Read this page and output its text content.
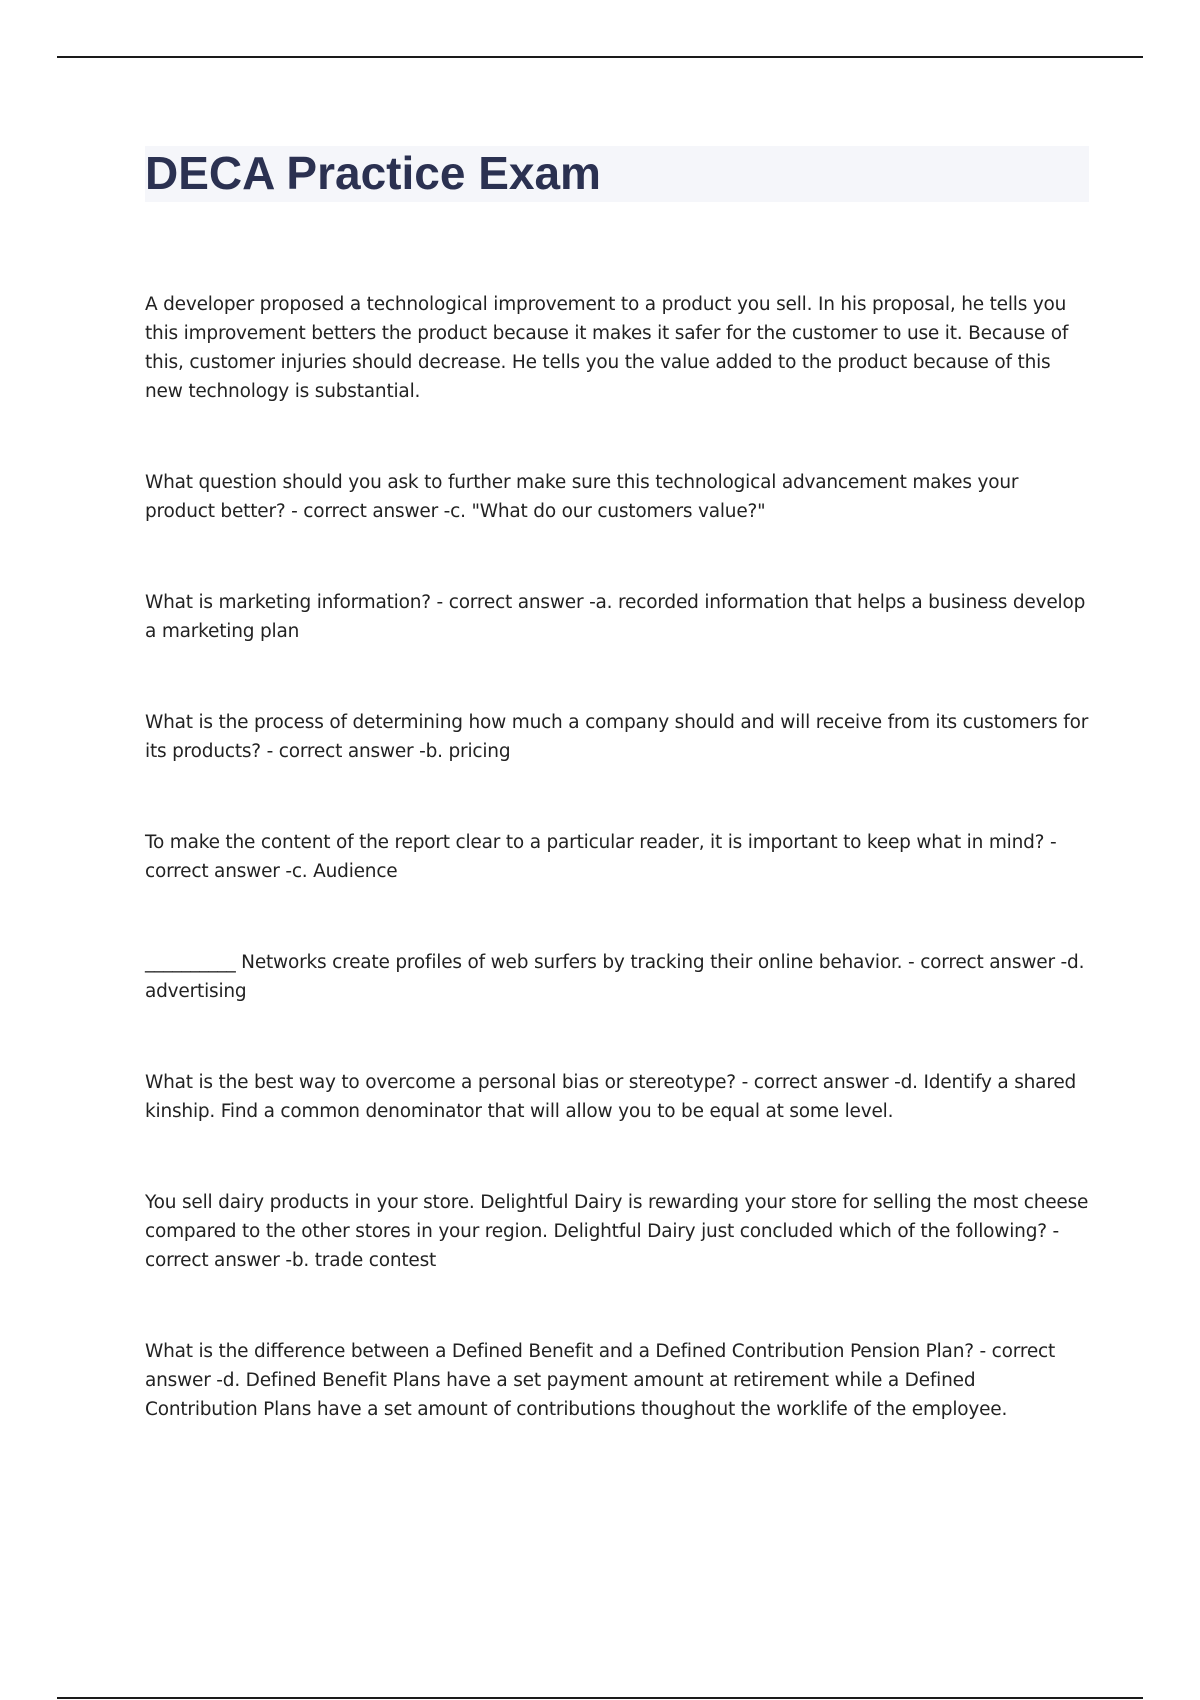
DECA Practice Exam

A developer proposed a technological improvement to a product you sell. In his proposal, he tells you this improvement betters the product because it makes it safer for the customer to use it. Because of this, customer injuries should decrease. He tells you the value added to the product because of this new technology is substantial.

What question should you ask to further make sure this technological advancement makes your product better? - correct answer -c. "What do our customers value?"

What is marketing information? - correct answer -a. recorded information that helps a business develop a marketing plan

What is the process of determining how much a company should and will receive from its customers for its products? - correct answer -b. pricing

To make the content of the report clear to a particular reader, it is important to keep what in mind? - correct answer -c. Audience

__________ Networks create profiles of web surfers by tracking their online behavior. - correct answer -d. advertising

What is the best way to overcome a personal bias or stereotype? - correct answer -d. Identify a shared kinship. Find a common denominator that will allow you to be equal at some level.

You sell dairy products in your store. Delightful Dairy is rewarding your store for selling the most cheese compared to the other stores in your region. Delightful Dairy just concluded which of the following? - correct answer -b. trade contest

What is the difference between a Defined Benefit and a Defined Contribution Pension Plan? - correct answer -d. Defined Benefit Plans have a set payment amount at retirement while a Defined Contribution Plans have a set amount of contributions thoughout the worklife of the employee.
